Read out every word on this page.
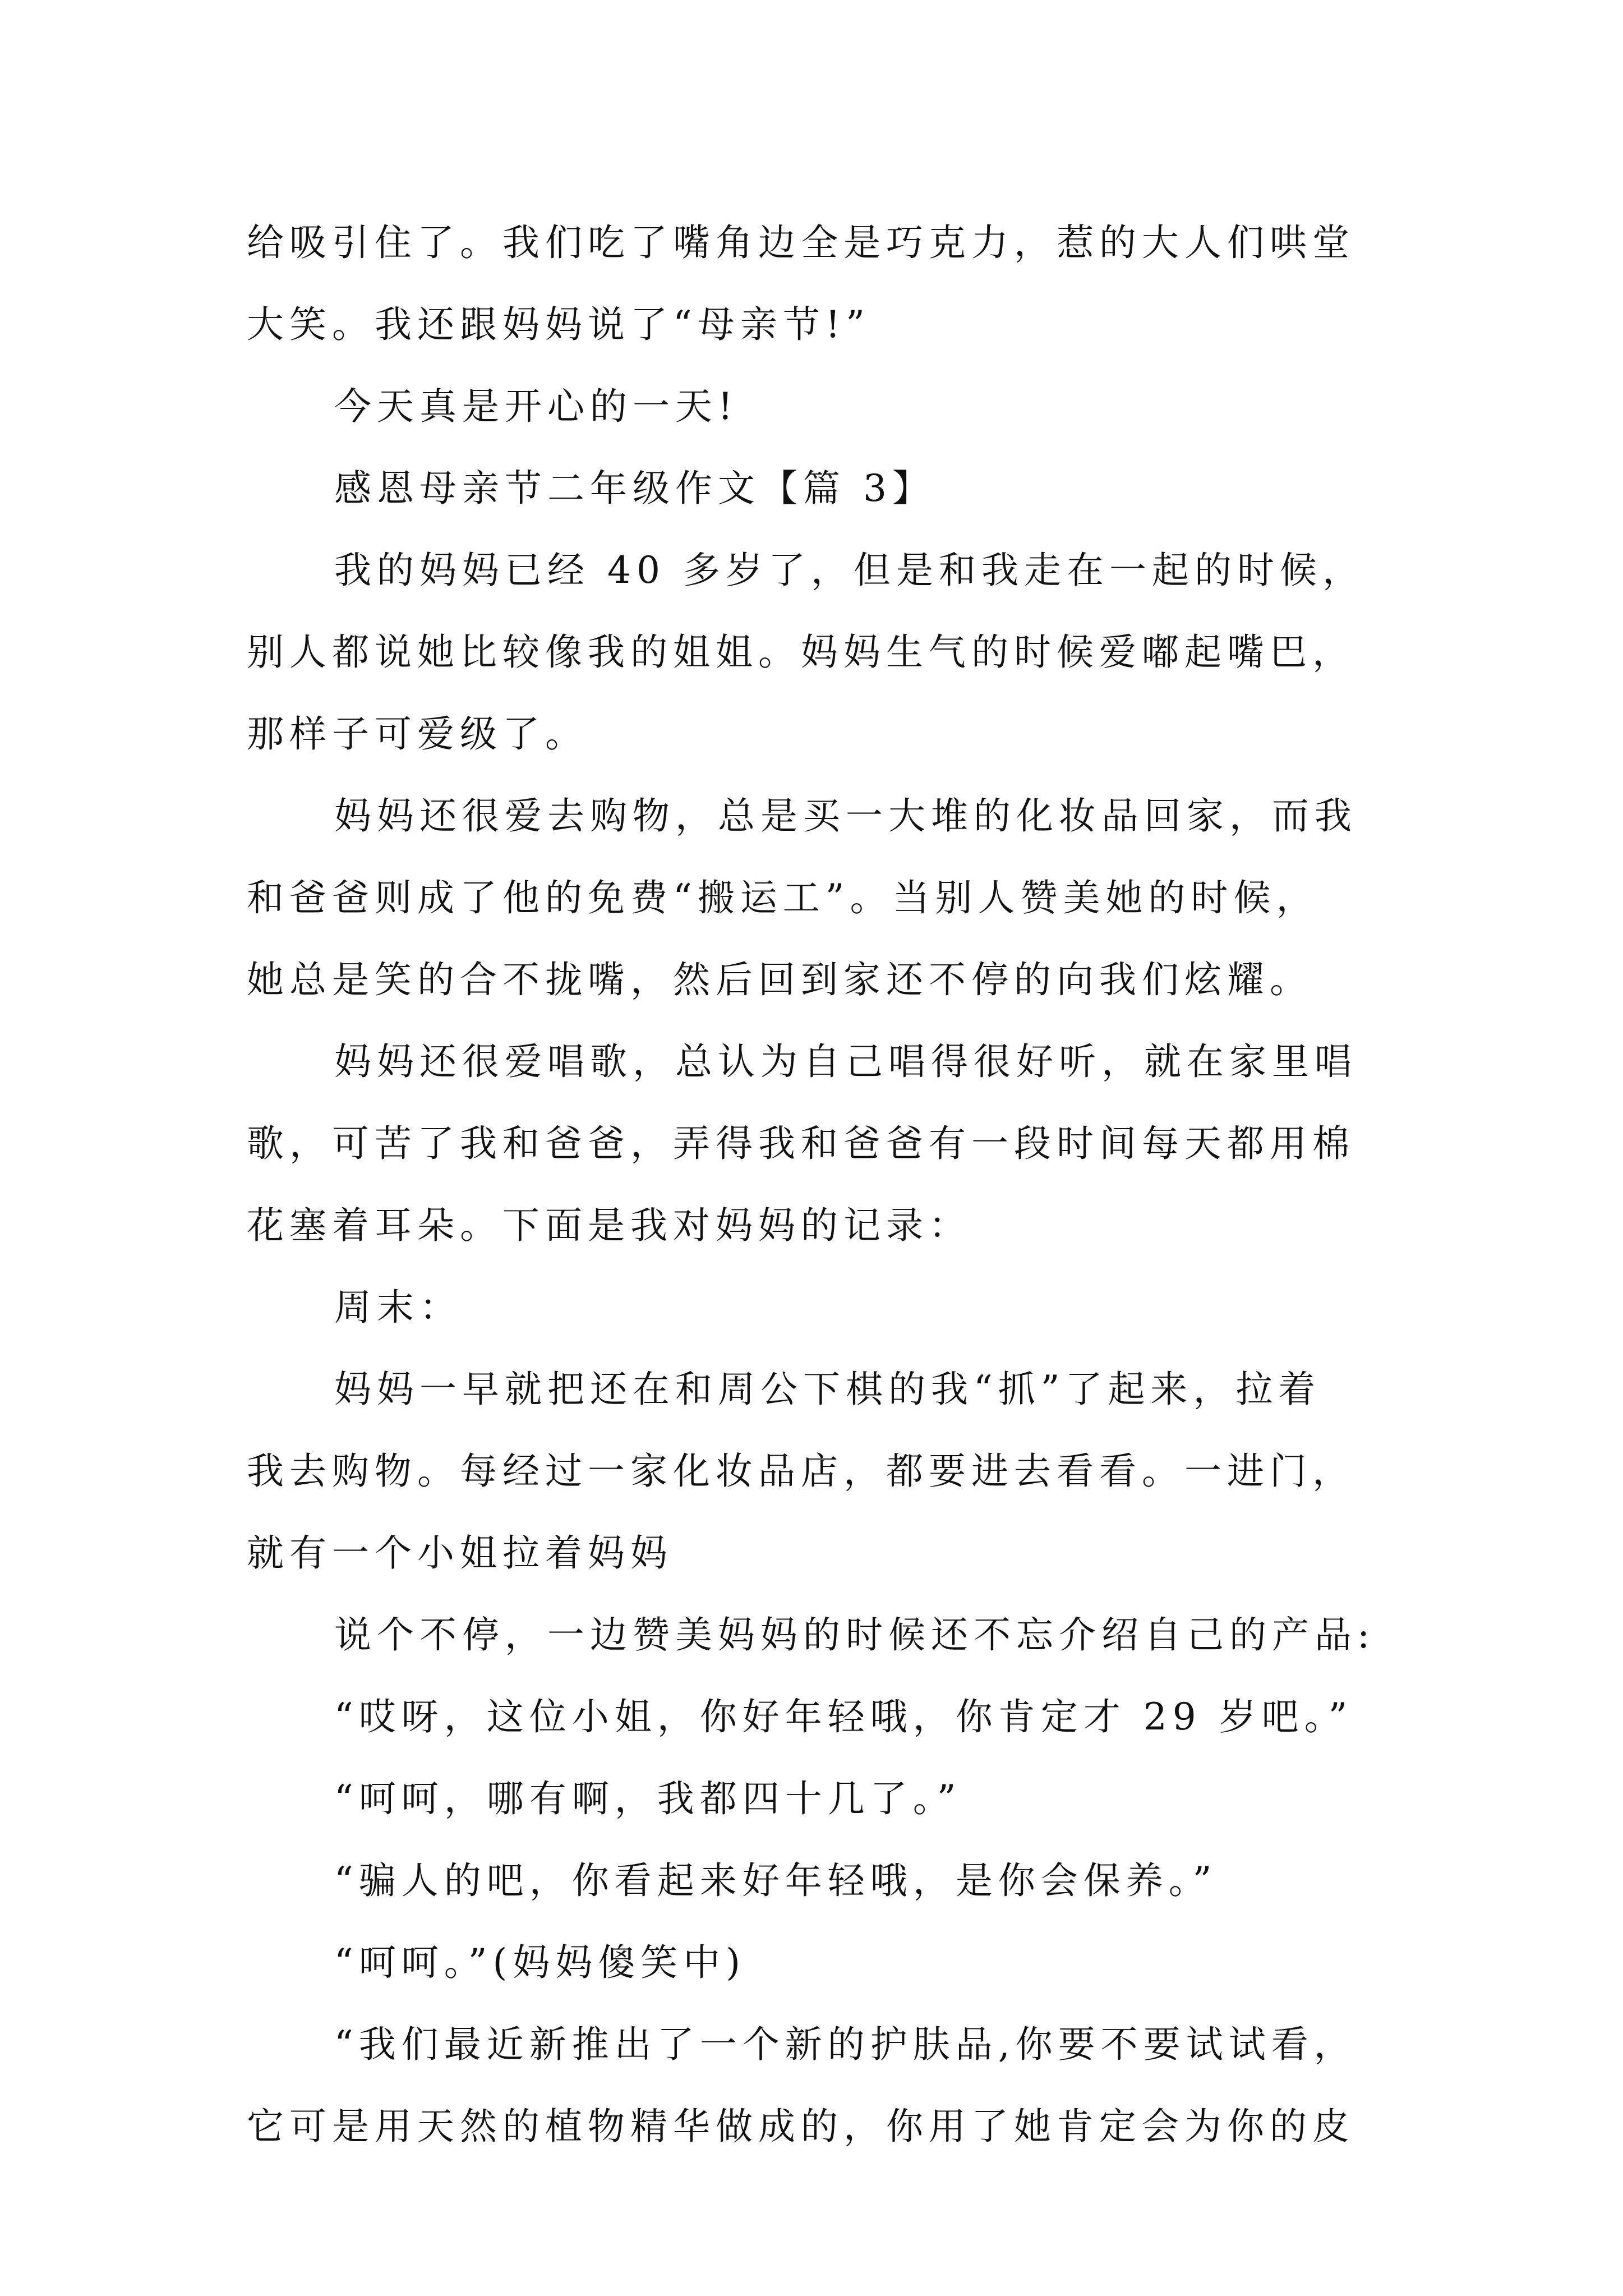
给吸引住了。我们吃了嘴角边全是巧克力，惹的大人们哄堂
大笑。我还跟妈妈说了“母亲节!”
今天真是开心的一天!
感恩母亲节二年级作文【篇 3】
我的妈妈已经 40 多岁了，但是和我走在一起的时候，
别人都说她比较像我的姐姐。妈妈生气的时候爱嘟起嘴巴，
那样子可爱级了。
妈妈还很爱去购物，总是买一大堆的化妆品回家，而我
和爸爸则成了他的免费“搬运工”。当别人赞美她的时候，
她总是笑的合不拢嘴，然后回到家还不停的向我们炫耀。
妈妈还很爱唱歌，总认为自己唱得很好听，就在家里唱
歌，可苦了我和爸爸，弄得我和爸爸有一段时间每天都用棉
花塞着耳朵。下面是我对妈妈的记录：
周末：
妈妈一早就把还在和周公下棋的我“抓”了起来，拉着
我去购物。每经过一家化妆品店，都要进去看看。一进门，
就有一个小姐拉着妈妈
说个不停，一边赞美妈妈的时候还不忘介绍自己的产品:
“哎呀，这位小姐，你好年轻哦，你肯定才 29 岁吧。”
“呵呵，哪有啊，我都四十几了。”
“骗人的吧，你看起来好年轻哦，是你会保养。”
“呵呵。”(妈妈傻笑中)
“我们最近新推出了一个新的护肤品,你要不要试试看，
它可是用天然的植物精华做成的，你用了她肯定会为你的皮
